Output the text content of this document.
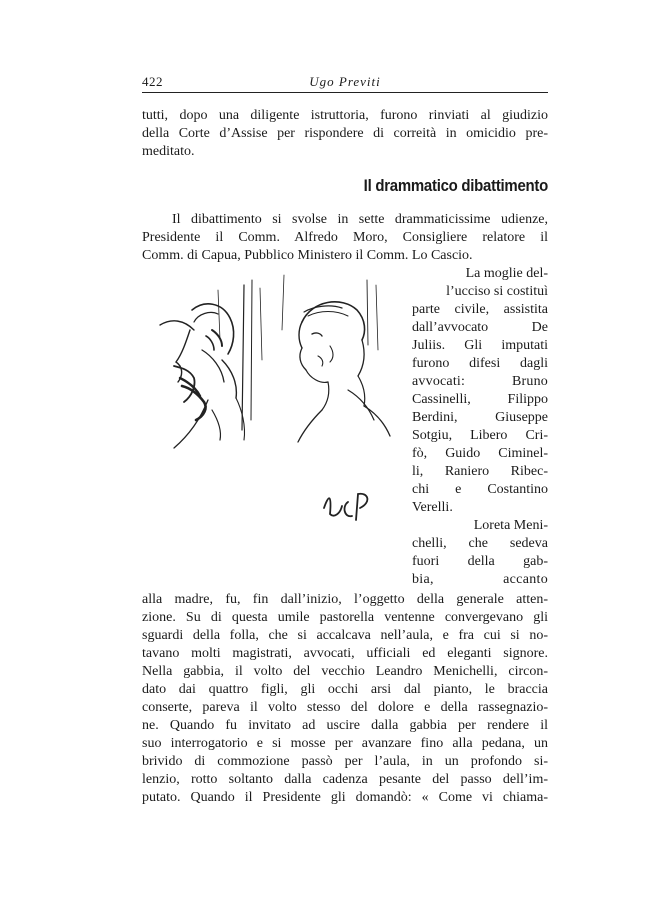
422	Ugo Previti
tutti, dopo una diligente istruttoria, furono rinviati al giudizio
della Corte d’Assise per rispondere di correità in omicidio pre-
meditato.
Il drammatico dibattimento
Il dibattimento si svolse in sette drammaticissime udienze,
Presidente il Comm. Alfredo Moro, Consigliere relatore il
Comm. di Capua, Pubblico Ministero il Comm. Lo Cascio.
La moglie del-
l’ucciso si costituì
parte civile, assistita
dall’avvocato De
Juliis. Gli imputati
furono difesi dagli
avvocati: Bruno
Cassinelli, Filippo
Berdini, Giuseppe
Sotgiu, Libero Cri-
fò, Guido Ciminel-
li, Raniero Ribec-
chi e Costantino
Verelli.
Loreta Meni-
chelli, che sedeva
fuori della gab-
bia, accanto
alla madre, fu, fin dall’inizio, l’oggetto della generale atten-
zione. Su di questa umile pastorella ventenne convergevano gli
sguardi della folla, che si accalcava nell’aula, e fra cui si no-
tavano molti magistrati, avvocati, ufficiali ed eleganti signore.
Nella gabbia, il volto del vecchio Leandro Menichelli, circon-
dato dai quattro figli, gli occhi arsi dal pianto, le braccia
conserte, pareva il volto stesso del dolore e della rassegnazio-
ne. Quando fu invitato ad uscire dalla gabbia per rendere il
suo interrogatorio e si mosse per avanzare fino alla pedana, un
brivido di commozione passò per l’aula, in un profondo si-
lenzio, rotto soltanto dalla cadenza pesante del passo dell’im-
putato. Quando il Presidente gli domandò: « Come vi chiama-
